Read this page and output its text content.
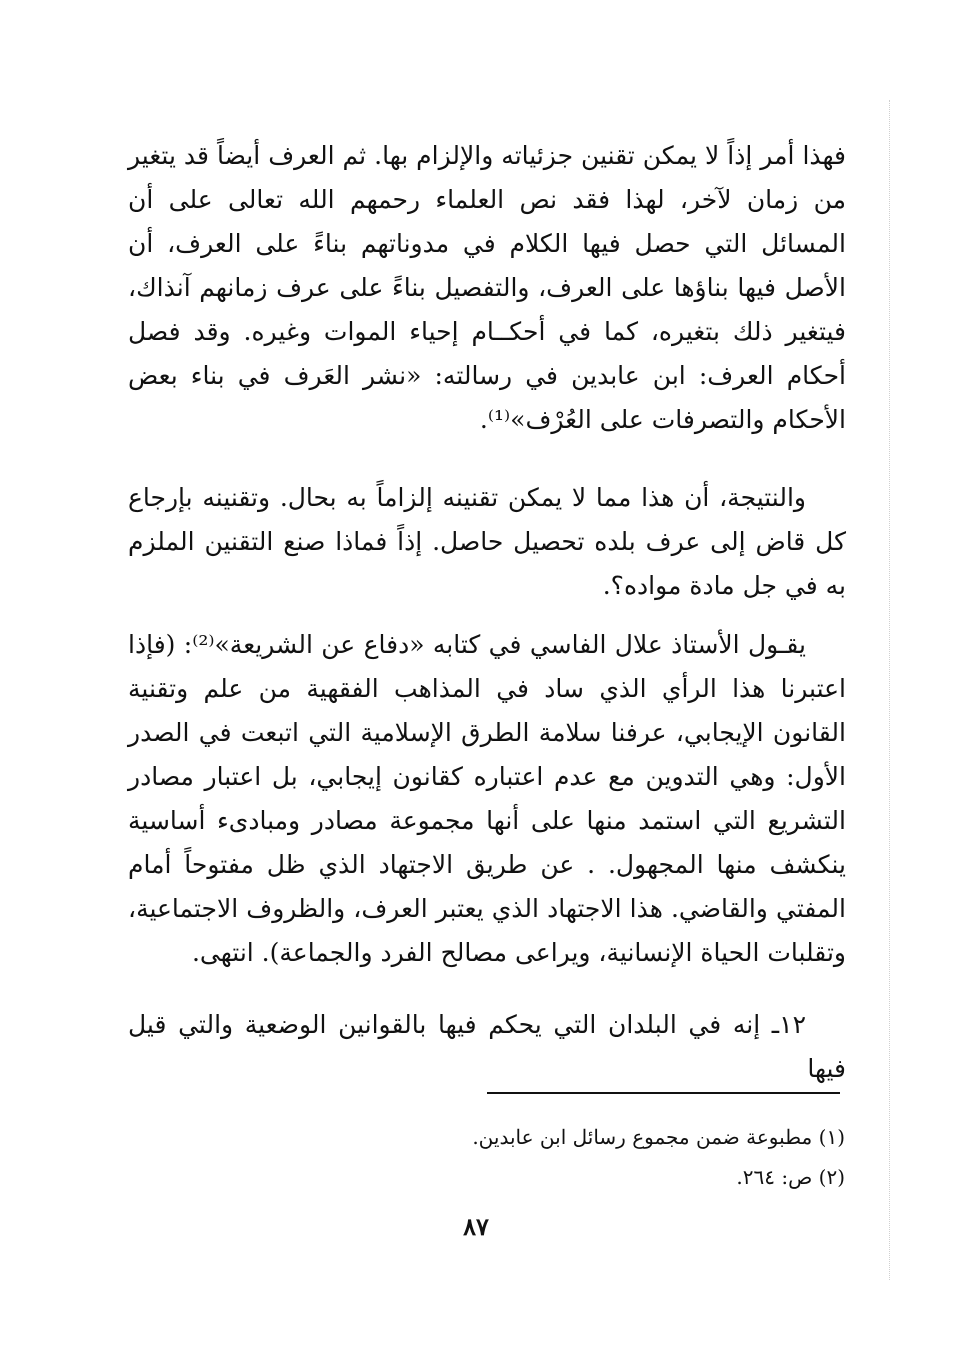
فهذا أمر إذاً لا يمكن تقنين جزئياته والإلزام بها. ثم العرف أيضاً قد يتغير من زمان لآخر، لهذا فقد نص العلماء رحمهم الله تعالى على أن المسائل التي حصل فيها الكلام في مدوناتهم بناءً على العرف، أن الأصل فيها بناؤها على العرف، والتفصيل بناءً على عرف زمانهم آنذاك، فيتغير ذلك بتغيره، كما في أحكــام إحياء الموات وغيره. وقد فصل أحكام العرف: ابن عابدين في رسالته: «نشر العَرف في بناء بعض الأحكام والتصرفات على العُرْف»⁽¹⁾.

والنتيجة، أن هذا مما لا يمكن تقنينه إلزاماً به بحال. وتقنينه بإرجاع كل قاض إلى عرف بلده تحصيل حاصل. إذاً فماذا صنع التقنين الملزم به في جل مادة مواده؟.

يقـول الأستاذ علال الفاسي في كتابه «دفاع عن الشريعة»⁽²⁾: (فإذا اعتبرنا هذا الرأي الذي ساد في المذاهب الفقهية من علم وتقنية القانون الإيجابي، عرفنا سلامة الطرق الإسلامية التي اتبعت في الصدر الأول: وهي التدوين مع عدم اعتباره كقانون إيجابي، بل اعتبار مصادر التشريع التي استمد منها على أنها مجموعة مصادر ومبادىء أساسية ينكشف منها المجهول. . عن طريق الاجتهاد الذي ظل مفتوحاً أمام المفتي والقاضي. هذا الاجتهاد الذي يعتبر العرف، والظروف الاجتماعية، وتقلبات الحياة الإنسانية، ويراعى مصالح الفرد والجماعة). انتهى.

١٢ـ إنه في البلدان التي يحكم فيها بالقوانين الوضعية والتي قيل فيها

(١) مطبوعة ضمن مجموع رسائل ابن عابدين.
(٢) ص: ٢٦٤.
٨٧
